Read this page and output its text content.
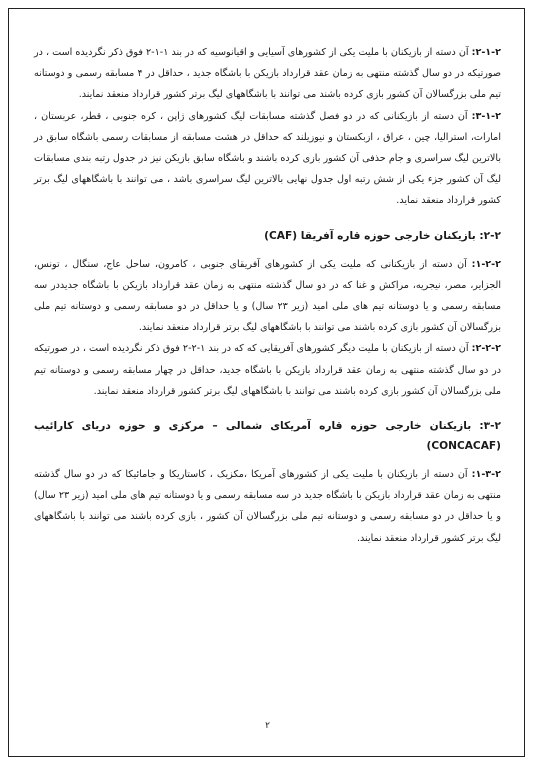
۲-۱-۲: آن دسته از بازیکنان با ملیت یکی از کشورهای آسیایی و اقیانوسیه که در بند ۱-۱-۲ فوق ذکر نگردیده است ، در صورتیکه در دو سال گذشته منتهی به زمان عقد قرارداد بازیکن با باشگاه جدید ، حداقل در ۴ مسابقه رسمی و دوستانه تیم ملی بزرگسالان آن کشور بازی کرده باشند می توانند با باشگاههای لیگ برتر کشور قرارداد منعقد نمایند.

۳-۱-۲: آن دسته از بازیکنانی که در دو فصل گذشته مسابقات لیگ کشورهای ژاپن ، کره جنوبی ، قطر، عربستان ، امارات، استرالیا، چین ، عراق ، ازبکستان و نیوزیلند که حداقل در هشت مسابقه از مسابقات رسمی باشگاه سابق در بالاترین لیگ سراسری و جام حذفی آن کشور بازی کرده باشند و باشگاه سابق بازیکن نیز در جدول رتبه بندی مسابقات لیگ آن کشور جزء یکی از شش رتبه اول جدول نهایی بالاترین لیگ سراسری باشد ، می توانند با باشگاههای لیگ برتر کشور قرارداد منعقد نماید.

۲-۲: بازیکنان خارجی حوزه قاره آفریقا (CAF)

۱-۲-۲: آن دسته از بازیکنانی که ملیت یکی از کشورهای آفریقای جنوبی ، کامرون، ساحل عاج، سنگال ، تونس، الجزایر، مصر، نیجریه، مراکش و غنا که در دو سال گذشته منتهی به زمان عقد قرارداد بازیکن با باشگاه جدیددر سه مسابقه رسمی و یا دوستانه تیم های ملی امید (زیر ۲۳ سال) و یا حداقل در دو مسابقه رسمی و دوستانه تیم ملی بزرگسالان آن کشور بازی کرده باشند می توانند با باشگاههای لیگ برتر قرارداد منعقد نمایند.

۲-۲-۲: آن دسته از بازیکنان با ملیت دیگر کشورهای آفریقایی که که در بند ۱-۲-۲ فوق ذکر نگردیده است ، در صورتیکه در دو سال گذشته منتهی به زمان عقد قرارداد بازیکن با باشگاه جدید، حداقل در چهار مسابقه رسمی و دوستانه تیم ملی بزرگسالان آن کشور بازی کرده باشند می توانند با باشگاههای لیگ برتر کشور قرارداد منعقد نمایند.

۳-۲: بازیکنان خارجی حوزه قاره آمریکای شمالی – مرکزی و حوزه دریای کارائیب (CONCACAF)

۱-۳-۲: آن دسته از بازیکنان با ملیت یکی از کشورهای آمریکا ،مکزیک ، کاستاریکا و جامائیکا که در دو سال گذشته منتهی به زمان عقد قرارداد بازیکن با باشگاه جدید در سه مسابقه رسمی و یا دوستانه تیم های ملی امید (زیر ۲۳ سال) و یا حداقل در دو مسابقه رسمی و دوستانه تیم ملی بزرگسالان آن کشور ، بازی کرده باشند می توانند با باشگاههای لیگ برتر کشور قرارداد منعقد نمایند.

۲
